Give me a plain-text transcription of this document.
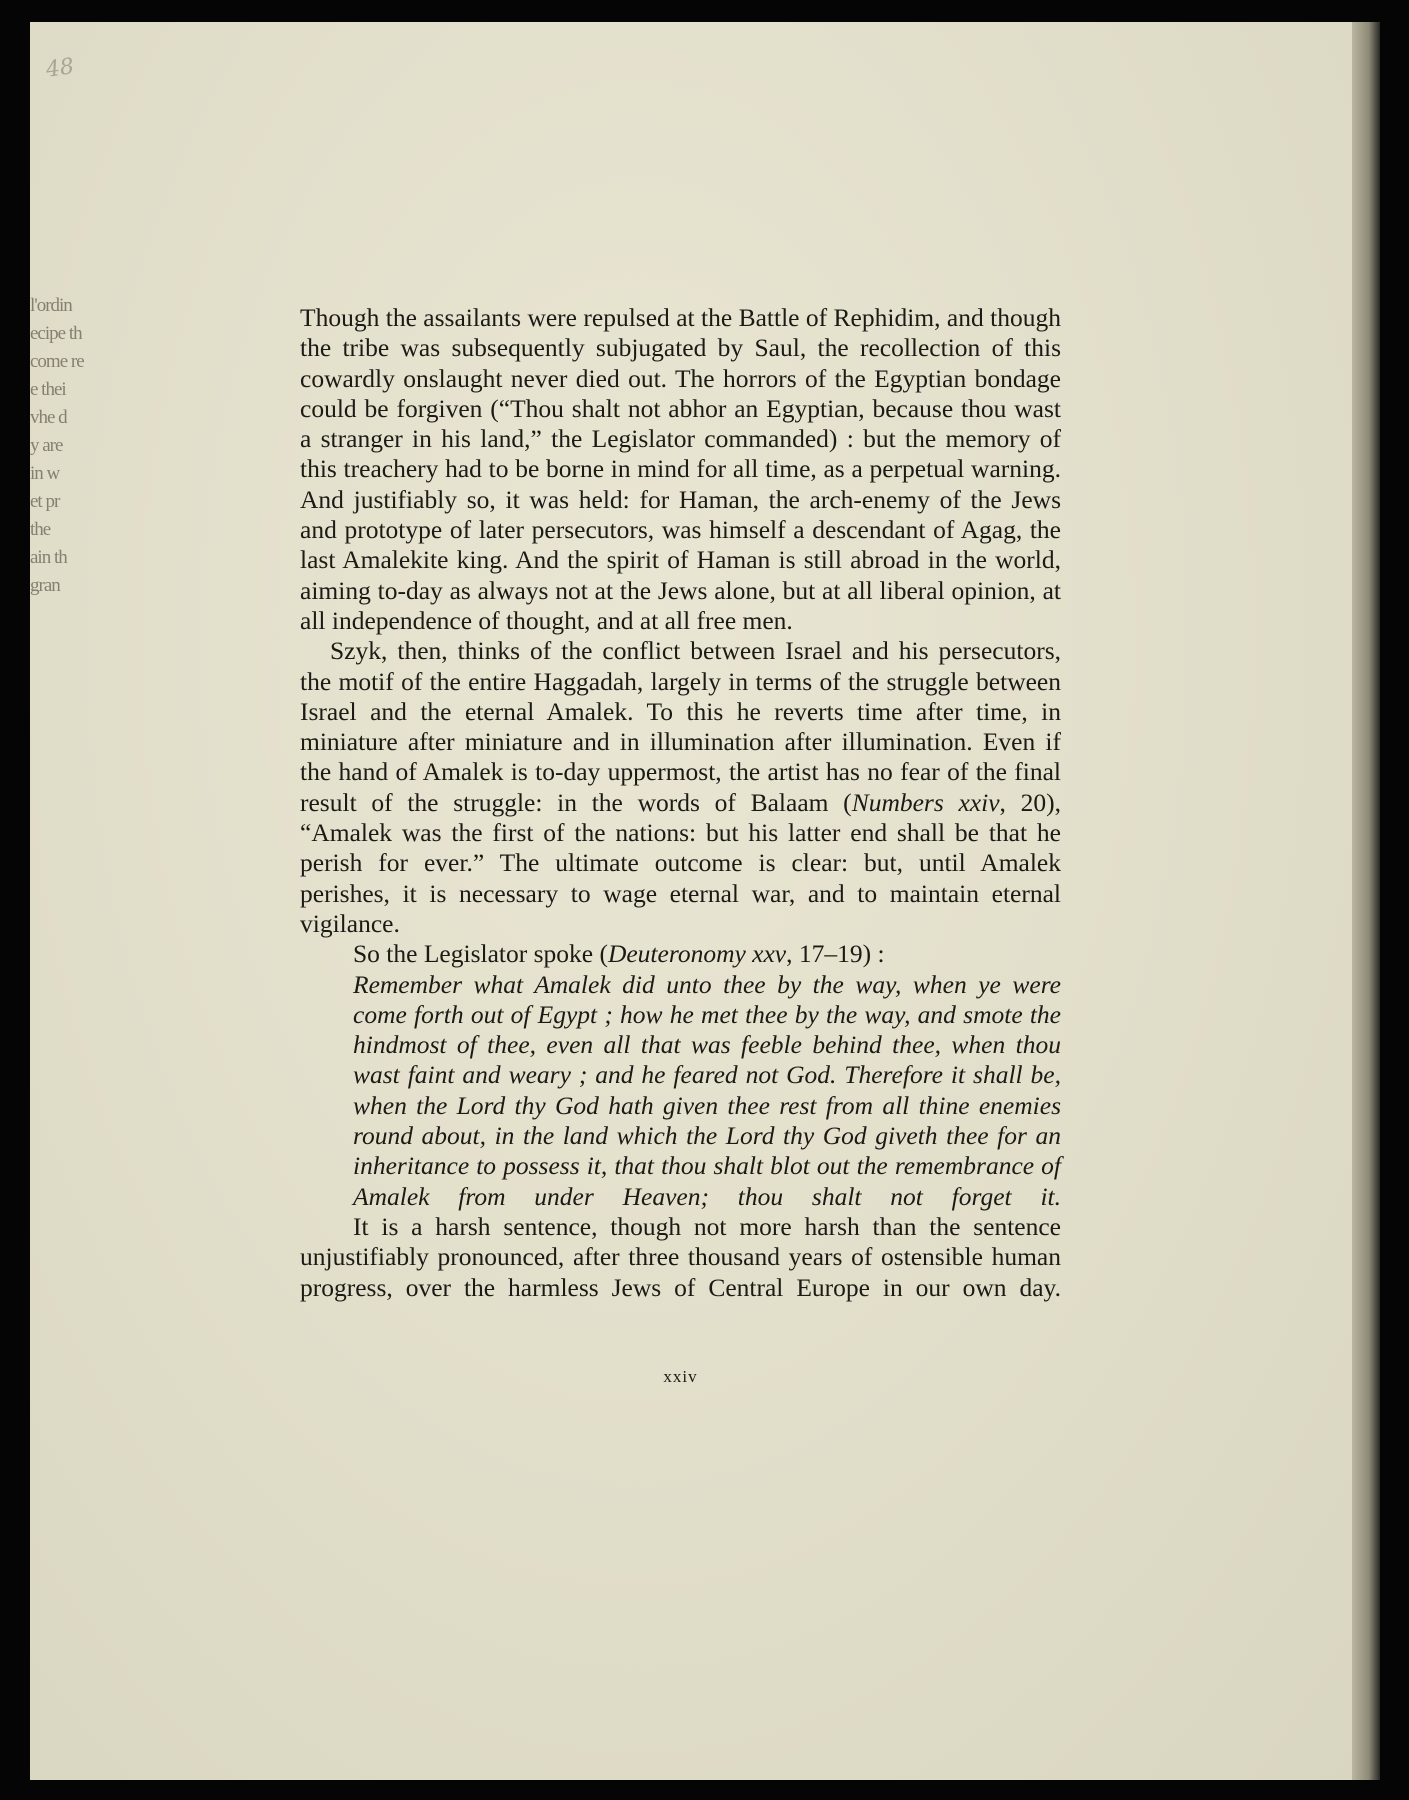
48
l'ordin
ecipe th
come re
e thei
vhe d
y are
in w
et pr
the
ain th
gran

Though the assailants were repulsed at the Battle of Rephidim, and though the tribe was subsequently subjugated by Saul, the recollection of this cowardly onslaught never died out. The horrors of the Egyptian bondage could be forgiven (“Thou shalt not abhor an Egyptian, because thou wast a stranger in his land,” the Legislator commanded) : but the memory of this treachery had to be borne in mind for all time, as a perpetual warning. And justifiably so, it was held: for Haman, the arch-enemy of the Jews and prototype of later persecutors, was himself a descendant of Agag, the last Amalekite king. And the spirit of Haman is still abroad in the world, aiming to-day as always not at the Jews alone, but at all liberal opinion, at all independence of thought, and at all free men.

Szyk, then, thinks of the conflict between Israel and his persecutors, the motif of the entire Haggadah, largely in terms of the struggle between Israel and the eternal Amalek. To this he reverts time after time, in miniature after miniature and in illumination after illumination. Even if the hand of Amalek is to-day uppermost, the artist has no fear of the final result of the struggle: in the words of Balaam (Numbers xxiv, 20), “Amalek was the first of the nations: but his latter end shall be that he perish for ever.” The ultimate outcome is clear: but, until Amalek perishes, it is necessary to wage eternal war, and to maintain eternal vigilance.

So the Legislator spoke (Deuteronomy xxv, 17–19) :

Remember what Amalek did unto thee by the way, when ye were come forth out of Egypt ; how he met thee by the way, and smote the hindmost of thee, even all that was feeble behind thee, when thou wast faint and weary ; and he feared not God. Therefore it shall be, when the Lord thy God hath given thee rest from all thine enemies round about, in the land which the Lord thy God giveth thee for an inheritance to possess it, that thou shalt blot out the remembrance of Amalek from under Heaven; thou shalt not forget it.

It is a harsh sentence, though not more harsh than the sentence unjustifiably pronounced, after three thousand years of ostensible human progress, over the harmless Jews of Central Europe in our own day.

xxiv
